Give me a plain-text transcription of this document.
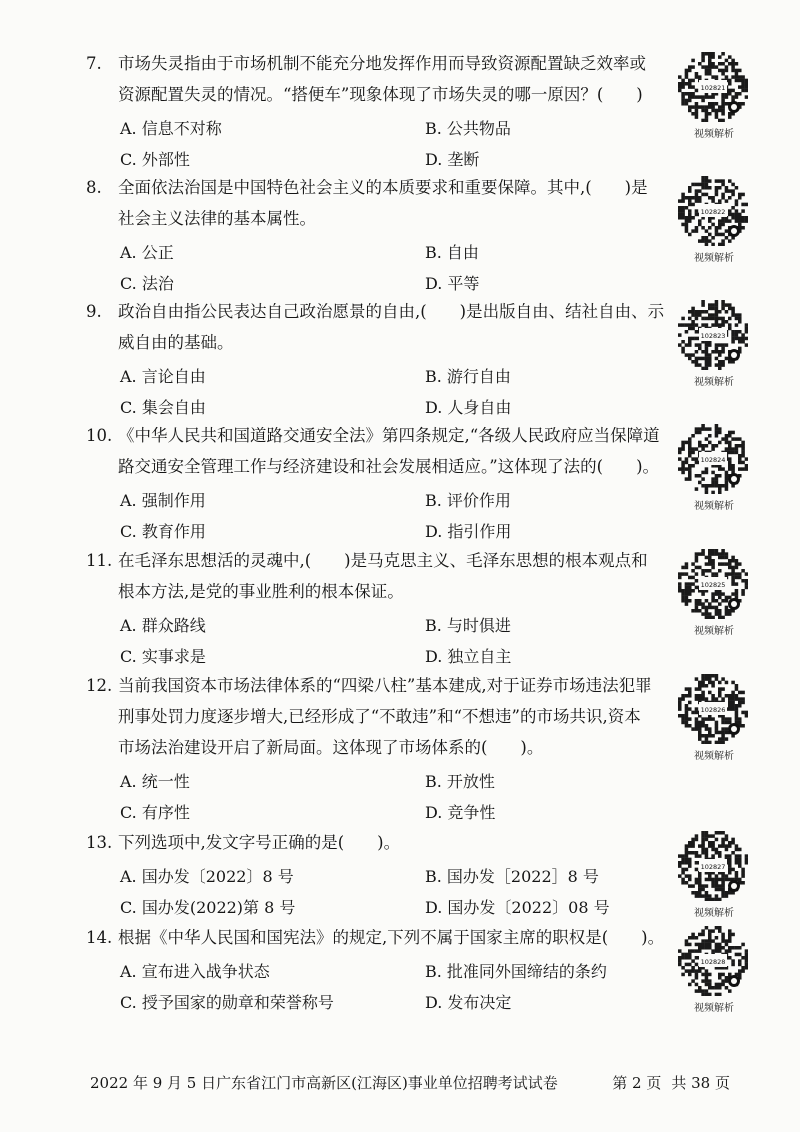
7. 市场失灵指由于市场机制不能充分地发挥作用而导致资源配置缺乏效率或
资源配置失灵的情况。“搭便车”现象体现了市场失灵的哪一原因？(　　)
A. 信息不对称	B. 公共物品
C. 外部性	D. 垄断
102821
视频解析
8. 全面依法治国是中国特色社会主义的本质要求和重要保障。其中,(　　)是
社会主义法律的基本属性。
A. 公正	B. 自由
C. 法治	D. 平等
102822
视频解析
9. 政治自由指公民表达自己政治愿景的自由,(　　)是出版自由、结社自由、示
威自由的基础。
A. 言论自由	B. 游行自由
C. 集会自由	D. 人身自由
102823
视频解析
10. 《中华人民共和国道路交通安全法》第四条规定,“各级人民政府应当保障道
路交通安全管理工作与经济建设和社会发展相适应。”这体现了法的(　　)。
A. 强制作用	B. 评价作用
C. 教育作用	D. 指引作用
102824
视频解析
11. 在毛泽东思想活的灵魂中,(　　)是马克思主义、毛泽东思想的根本观点和
根本方法,是党的事业胜利的根本保证。
A. 群众路线	B. 与时俱进
C. 实事求是	D. 独立自主
102825
视频解析
12. 当前我国资本市场法律体系的“四梁八柱”基本建成,对于证券市场违法犯罪
刑事处罚力度逐步增大,已经形成了“不敢违”和“不想违”的市场共识,资本
市场法治建设开启了新局面。这体现了市场体系的(　　)。
A. 统一性	B. 开放性
C. 有序性	D. 竞争性
102826
视频解析
13. 下列选项中,发文字号正确的是(　　)。
A. 国办发〔2022〕8 号	B. 国办发［2022］8 号
C. 国办发(2022)第 8 号	D. 国办发〔2022〕08 号
102827
视频解析
14. 根据《中华人民国和国宪法》的规定,下列不属于国家主席的职权是(　　)。
A. 宣布进入战争状态	B. 批准同外国缔结的条约
C. 授予国家的勋章和荣誉称号	D. 发布决定
102828
视频解析
2022 年 9 月 5 日广东省江门市高新区(江海区)事业单位招聘考试试卷	第 2 页 共 38 页
